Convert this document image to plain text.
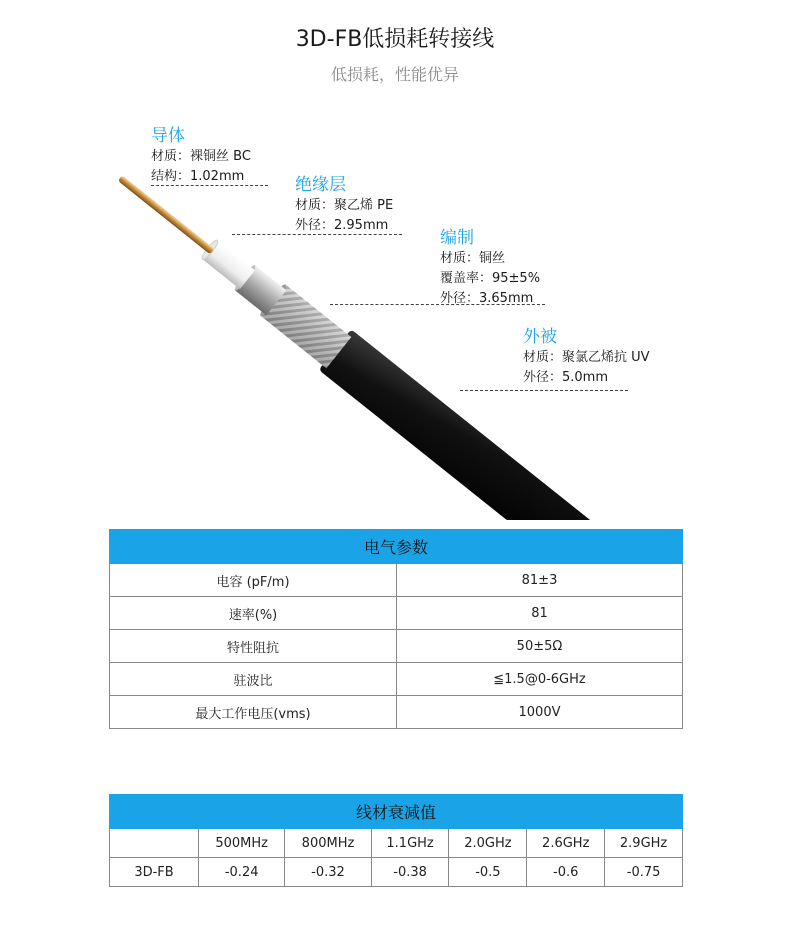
3D-FB低损耗转接线
低损耗，性能优异
导体
材质：裸铜丝 BC
结构：1.02mm	绝缘层
材质：聚乙烯 PE
外径：2.95mm
编制
材质：铜丝
覆盖率：95±5%
外径：3.65mm
外被
材质：聚氯乙烯抗 UV
外径：5.0mm
电气参数	
电容 (pF/m)	81±3
速率(%)	81
特性阻抗	50±5Ω
驻波比	≦1.5@0-6GHz
最大工作电压(vms)	1000V
线材衰减值						
	500MHz	800MHz	1.1GHz	2.0GHz	2.6GHz	2.9GHz
3D-FB	-0.24	-0.32	-0.38	-0.5	-0.6	-0.75
